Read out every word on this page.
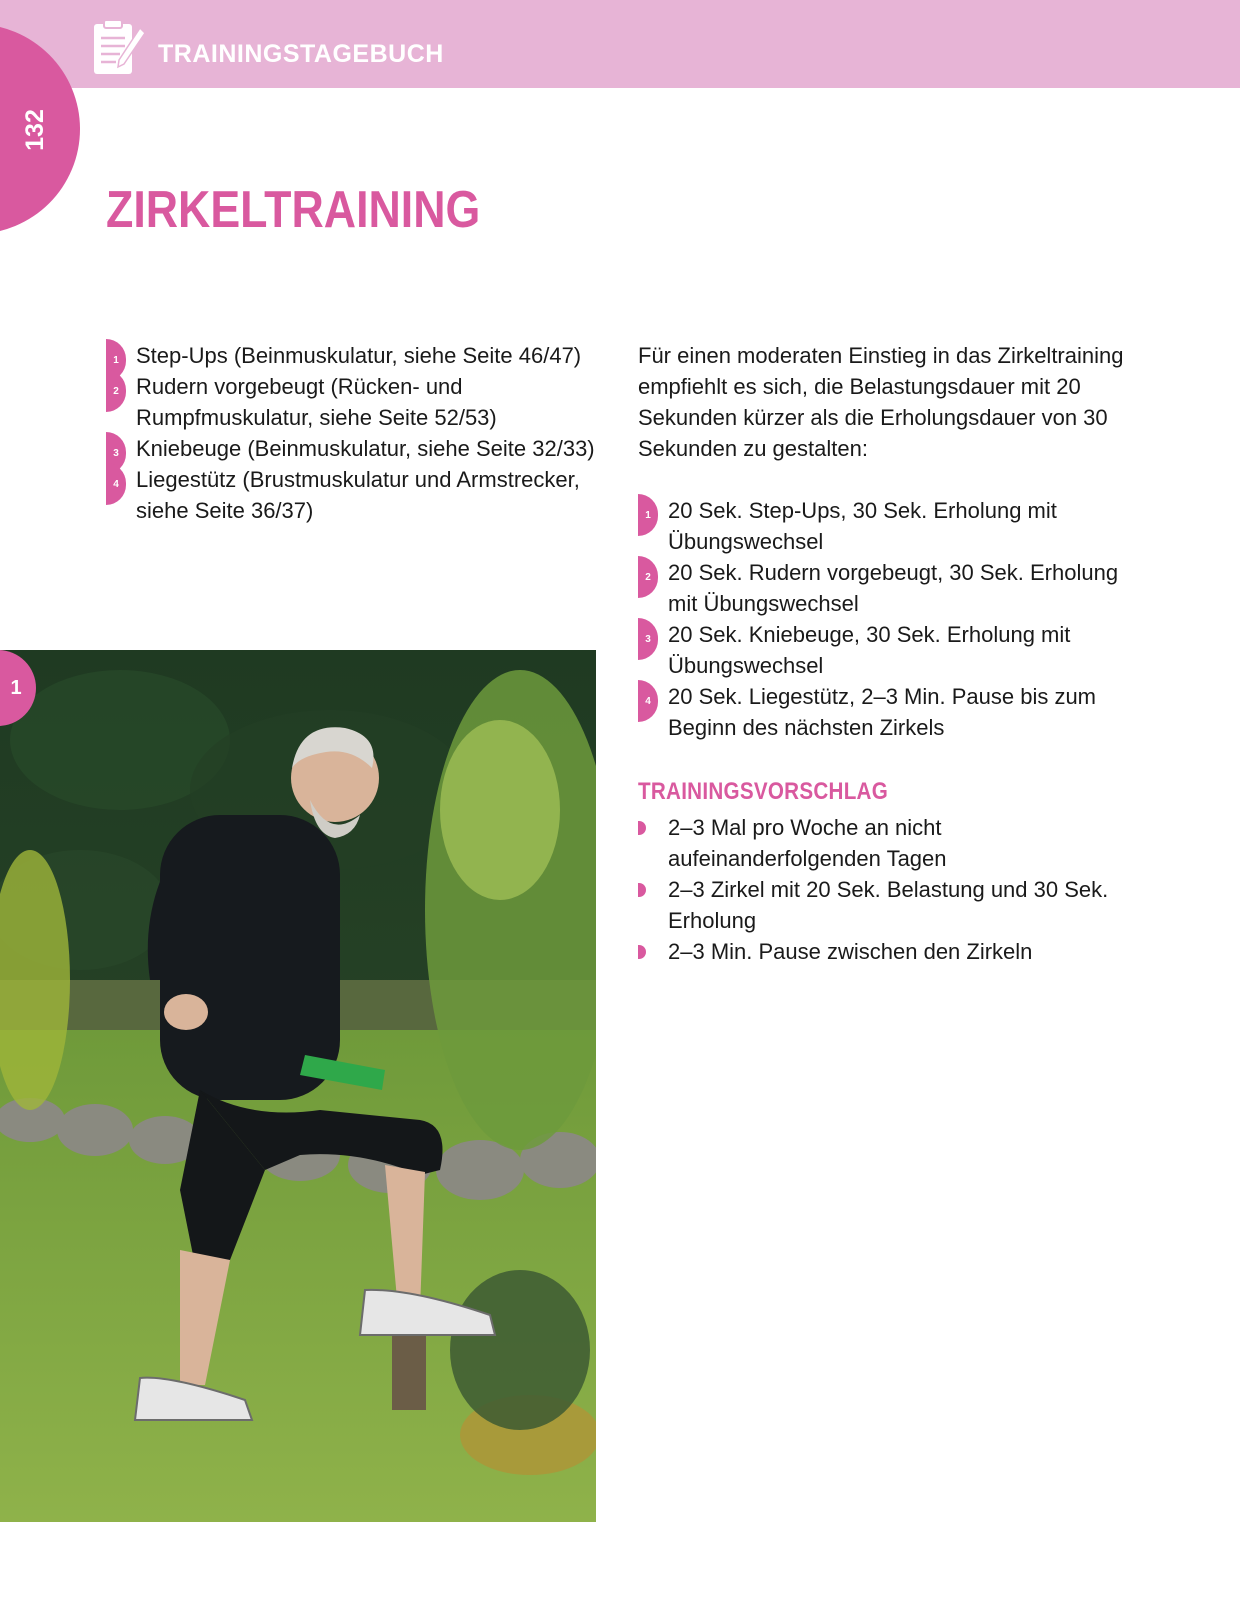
TRAININGSTAGEBUCH
132
ZIRKELTRAINING
1 Step-Ups (Beinmuskulatur, siehe Seite 46/47)
2 Rudern vorgebeugt (Rücken- und Rumpfmuskulatur, siehe Seite 52/53)
3 Kniebeuge (Beinmuskulatur, siehe Seite 32/33)
4 Liegestütz (Brustmuskulatur und Armstrecker, siehe Seite 36/37)

Für einen moderaten Einstieg in das Zirkeltraining empfiehlt es sich, die Belastungsdauer mit 20 Sekunden kürzer als die Erholungsdauer von 30 Sekunden zu gestalten:

1 20 Sek. Step-Ups, 30 Sek. Erholung mit Übungswechsel
2 20 Sek. Rudern vorgebeugt, 30 Sek. Erholung mit Übungswechsel
3 20 Sek. Kniebeuge, 30 Sek. Erholung mit Übungswechsel
4 20 Sek. Liegestütz, 2–3 Min. Pause bis zum Beginn des nächsten Zirkels
TRAININGSVORSCHLAG
2–3 Mal pro Woche an nicht aufeinanderfolgenden Tagen
2–3 Zirkel mit 20 Sek. Belastung und 30 Sek. Erholung
2–3 Min. Pause zwischen den Zirkeln
1
